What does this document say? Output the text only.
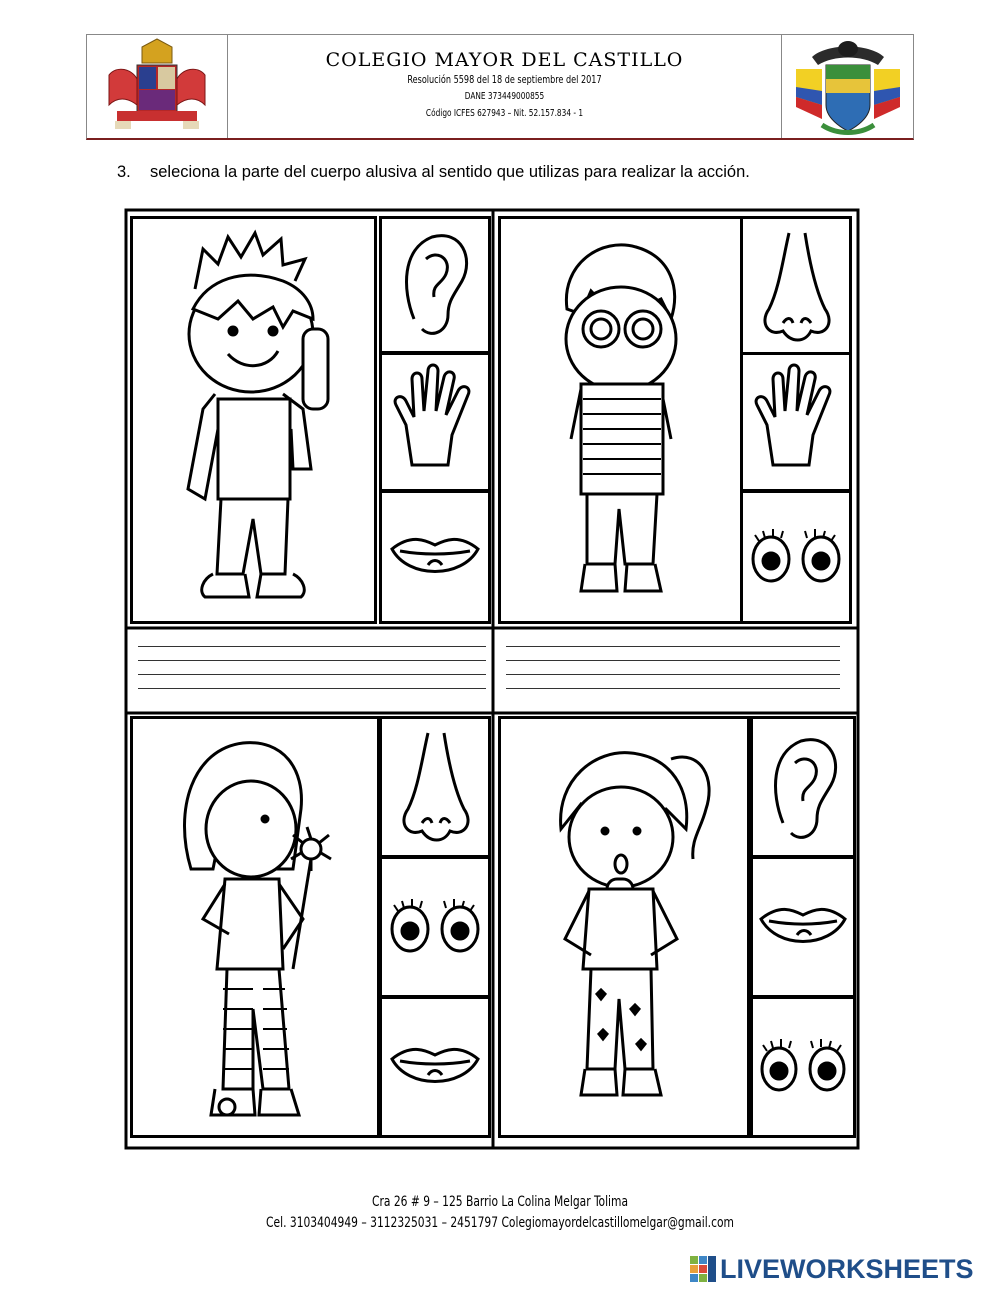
COLEGIO MAYOR DEL CASTILLO
Resolución 5598 del 18 de septiembre del 2017
DANE 373449000855
Código ICFES 627943 – Nit. 52.157.834 - 1
3. seleciona la parte del cuerpo alusiva al sentido que utilizas para realizar la acción.
Cra 26 # 9 – 125 Barrio La Colina Melgar Tolima
Cel. 3103404949 – 3112325031 – 2451797 Colegiomayordelcastillomelgar@gmail.com
LIVEWORKSHEETS
